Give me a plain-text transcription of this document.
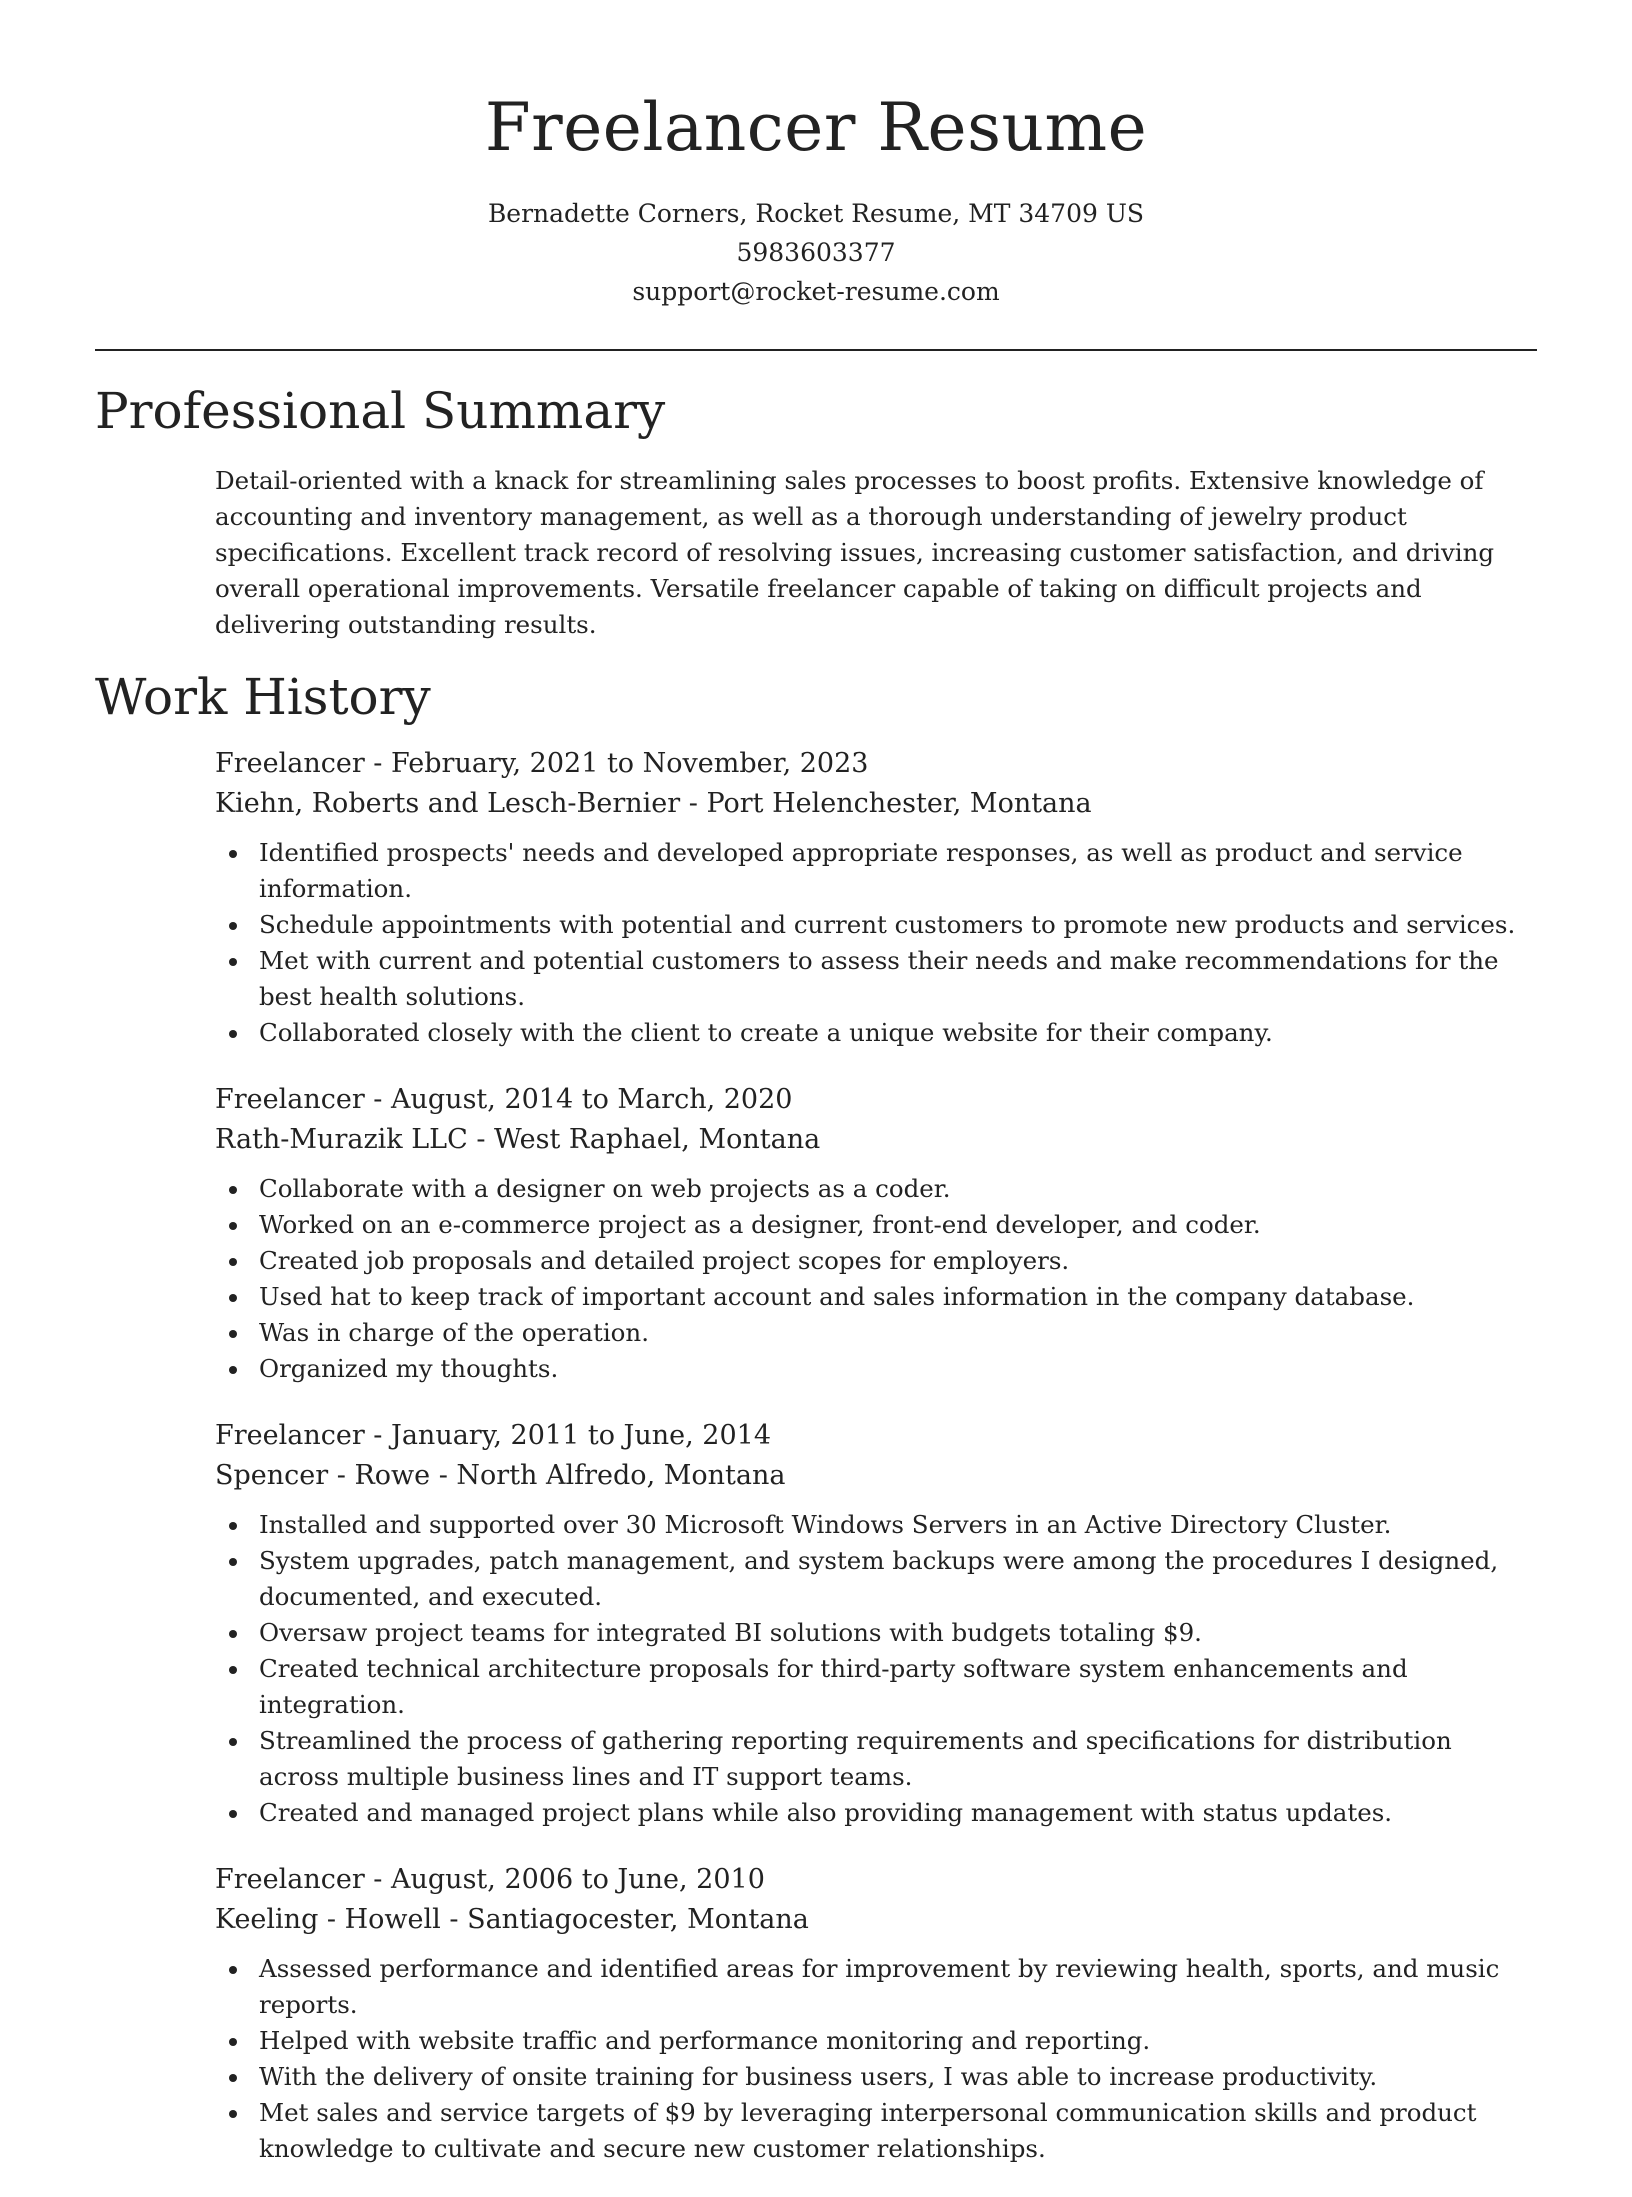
Freelancer Resume

Bernadette Corners, Rocket Resume, MT 34709 US

5983603377

support@rocket-resume.com

Professional Summary

Detail-oriented with a knack for streamlining sales processes to boost profits. Extensive knowledge of accounting and inventory management, as well as a thorough understanding of jewelry product specifications. Excellent track record of resolving issues, increasing customer satisfaction, and driving overall operational improvements. Versatile freelancer capable of taking on difficult projects and delivering outstanding results.

Work History

Freelancer - February, 2021 to November, 2023

Kiehn, Roberts and Lesch-Bernier - Port Helenchester, Montana

Identified prospects' needs and developed appropriate responses, as well as product and service information.
Schedule appointments with potential and current customers to promote new products and services.
Met with current and potential customers to assess their needs and make recommendations for the best health solutions.
Collaborated closely with the client to create a unique website for their company.

Freelancer - August, 2014 to March, 2020

Rath-Murazik LLC - West Raphael, Montana

Collaborate with a designer on web projects as a coder.
Worked on an e-commerce project as a designer, front-end developer, and coder.
Created job proposals and detailed project scopes for employers.
Used hat to keep track of important account and sales information in the company database.
Was in charge of the operation.
Organized my thoughts.

Freelancer - January, 2011 to June, 2014

Spencer - Rowe - North Alfredo, Montana

Installed and supported over 30 Microsoft Windows Servers in an Active Directory Cluster.
System upgrades, patch management, and system backups were among the procedures I designed, documented, and executed.
Oversaw project teams for integrated BI solutions with budgets totaling $9.
Created technical architecture proposals for third-party software system enhancements and integration.
Streamlined the process of gathering reporting requirements and specifications for distribution across multiple business lines and IT support teams.
Created and managed project plans while also providing management with status updates.

Freelancer - August, 2006 to June, 2010

Keeling - Howell - Santiagocester, Montana

Assessed performance and identified areas for improvement by reviewing health, sports, and music reports.
Helped with website traffic and performance monitoring and reporting.
With the delivery of onsite training for business users, I was able to increase productivity.
Met sales and service targets of $9 by leveraging interpersonal communication skills and product knowledge to cultivate and secure new customer relationships.
